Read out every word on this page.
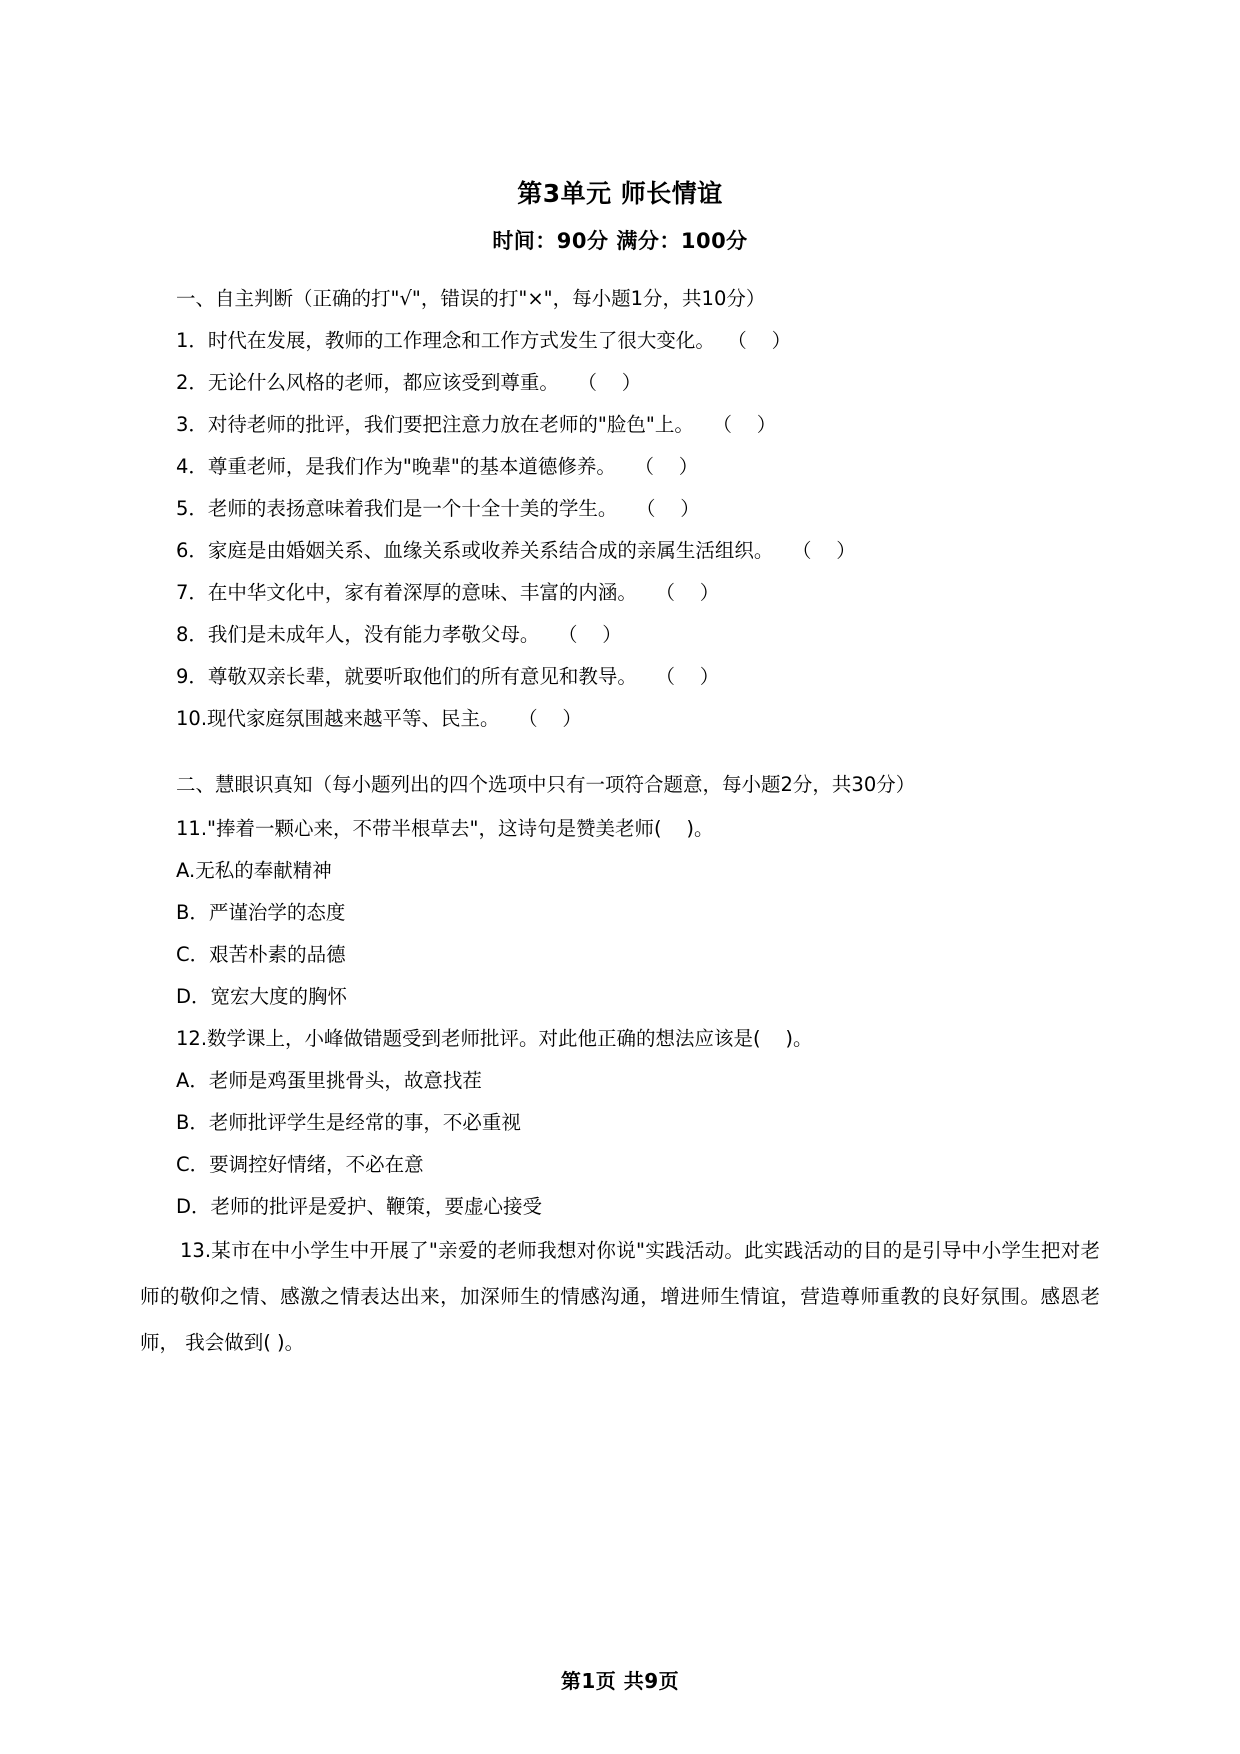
第3单元 师长情谊
时间：90分 满分：100分
一、自主判断（正确的打"√"，错误的打"×"，每小题1分，共10分）
1．时代在发展，教师的工作理念和工作方式发生了很大变化。  （    ）
2．无论什么风格的老师，都应该受到尊重。   （    ）
3．对待老师的批评，我们要把注意力放在老师的"脸色"上。   （    ）
4．尊重老师，是我们作为"晚辈"的基本道德修养。   （    ）
5．老师的表扬意味着我们是一个十全十美的学生。   （    ）
6．家庭是由婚姻关系、血缘关系或收养关系结合成的亲属生活组织。   （    ）
7．在中华文化中，家有着深厚的意味、丰富的内涵。   （    ）
8．我们是未成年人，没有能力孝敬父母。   （    ）
9．尊敬双亲长辈，就要听取他们的所有意见和教导。   （    ）
10.现代家庭氛围越来越平等、民主。   （    ）
二、慧眼识真知（每小题列出的四个选项中只有一项符合题意，每小题2分，共30分）
11."捧着一颗心来，不带半根草去"，这诗句是赞美老师(    )。
A.无私的奉献精神
B．严谨治学的态度
C．艰苦朴素的品德
D．宽宏大度的胸怀
12.数学课上，小峰做错题受到老师批评。对此他正确的想法应该是(    )。
A．老师是鸡蛋里挑骨头，故意找茬
B．老师批评学生是经常的事，不必重视
C．要调控好情绪，不必在意
D．老师的批评是爱护、鞭策，要虚心接受
13.某市在中小学生中开展了"亲爱的老师我想对你说"实践活动。此实践活动的目的是引导中小学生把对老师的敬仰之情、感激之情表达出来，加深师生的情感沟通，增进师生情谊，营造尊师重教的良好氛围。感恩老师， 我会做到( )。
第1页 共9页
